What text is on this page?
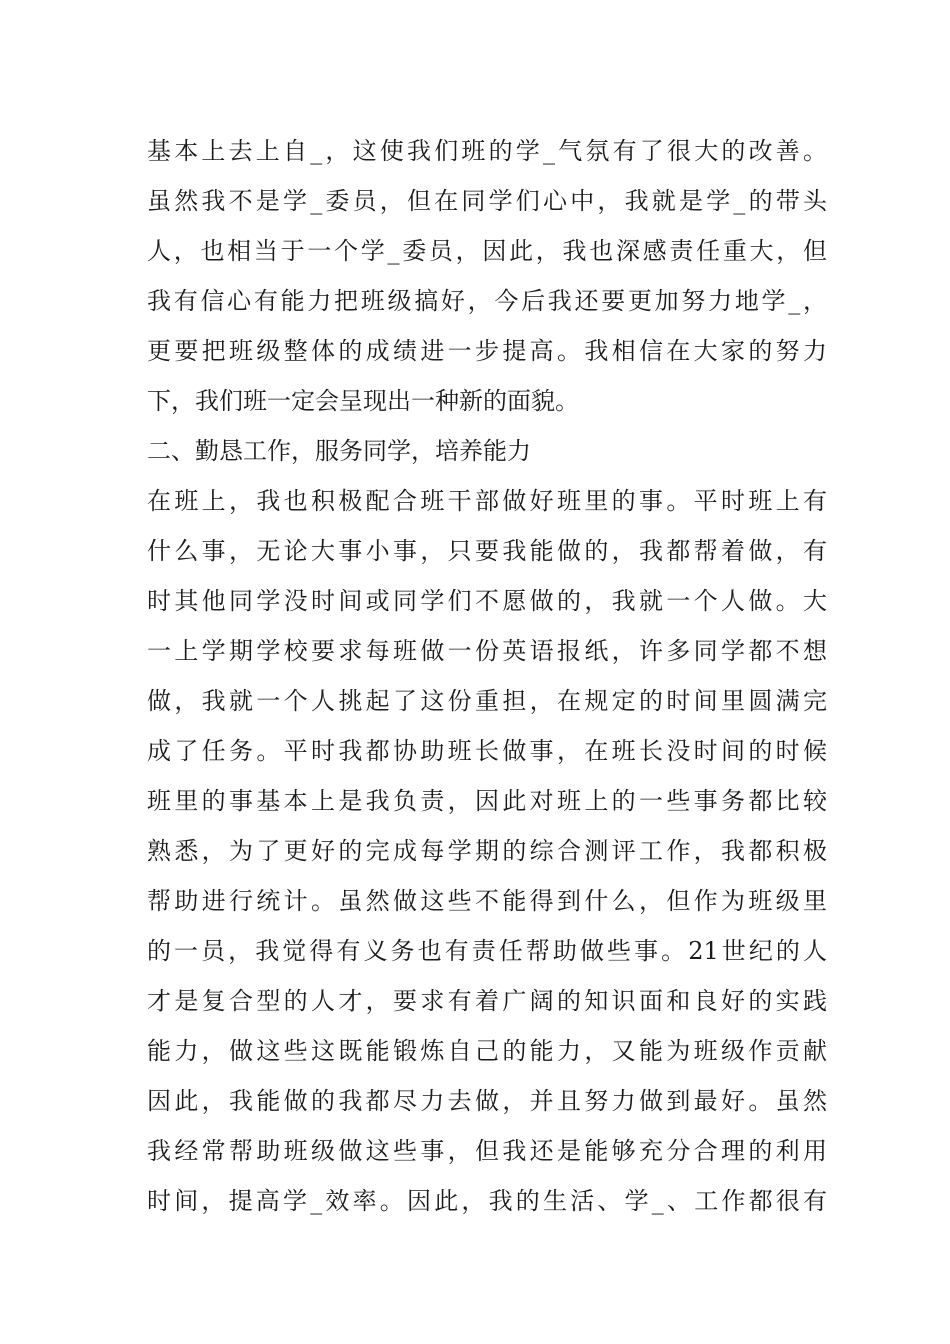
基本上去上自_，这使我们班的学_气氛有了很大的改善。
虽然我不是学_委员，但在同学们心中，我就是学_的带头
人，也相当于一个学_委员，因此，我也深感责任重大，但
我有信心有能力把班级搞好，今后我还要更加努力地学_，
更要把班级整体的成绩进一步提高。我相信在大家的努力
下，我们班一定会呈现出一种新的面貌。
二、勤恳工作，服务同学，培养能力
在班上，我也积极配合班干部做好班里的事。平时班上有
什么事，无论大事小事，只要我能做的，我都帮着做，有
时其他同学没时间或同学们不愿做的，我就一个人做。大
一上学期学校要求每班做一份英语报纸，许多同学都不想
做，我就一个人挑起了这份重担，在规定的时间里圆满完
成了任务。平时我都协助班长做事，在班长没时间的时候
班里的事基本上是我负责，因此对班上的一些事务都比较
熟悉，为了更好的完成每学期的综合测评工作，我都积极
帮助进行统计。虽然做这些不能得到什么，但作为班级里
的一员，我觉得有义务也有责任帮助做些事。21世纪的人
才是复合型的人才，要求有着广阔的知识面和良好的实践
能力，做这些这既能锻炼自己的能力，又能为班级作贡献
因此，我能做的我都尽力去做，并且努力做到最好。虽然
我经常帮助班级做这些事，但我还是能够充分合理的利用
时间，提高学_效率。因此，我的生活、学_、工作都很有
